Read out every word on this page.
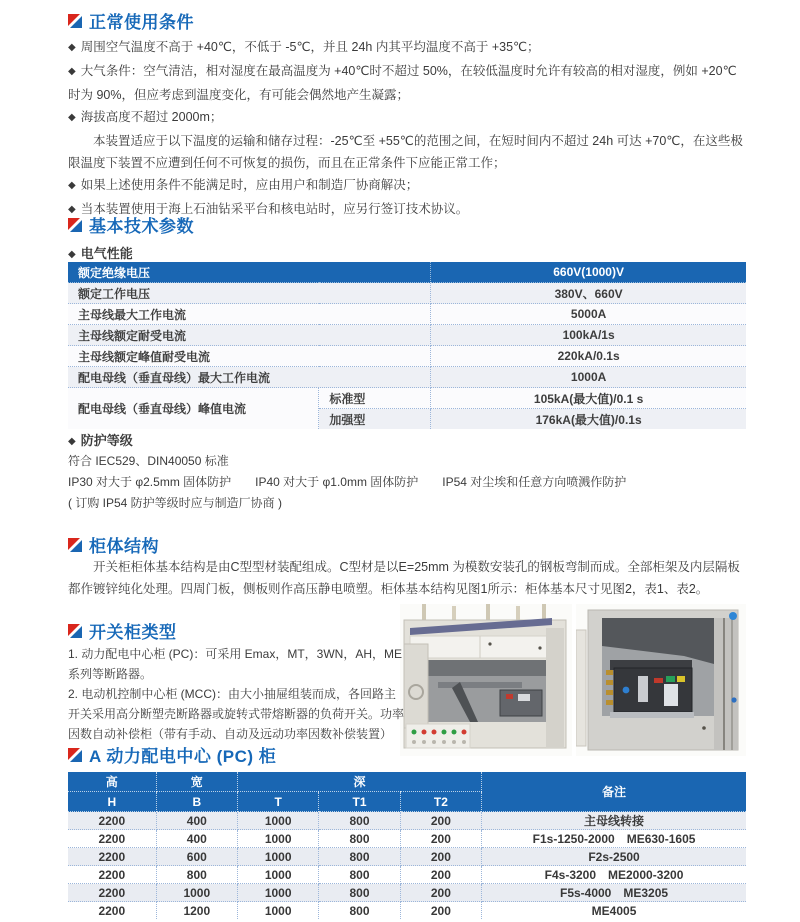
正常使用条件
◆ 周围空气温度不高于 +40℃，不低于 -5℃，并且 24h 内其平均温度不高于 +35℃；
◆ 大气条件：空气清洁，相对湿度在最高温度为 +40℃时不超过 50%，在较低温度时允许有较高的相对湿度，例如 +20℃时为 90%，但应考虑到温度变化，有可能会偶然地产生凝露；
◆ 海拔高度不超过 2000m；
本装置适应于以下温度的运输和储存过程：-25℃至 +55℃的范围之间，在短时间内不超过 24h 可达 +70℃，在这些极限温度下装置不应遭到任何不可恢复的损伤，而且在正常条件下应能正常工作；
◆ 如果上述使用条件不能满足时，应由用户和制造厂协商解决；
◆ 当本装置使用于海上石油钻采平台和核电站时，应另行签订技术协议。
基本技术参数
◆ 电气性能
额定绝缘电压		660V(1000)V
额定工作电压		380V、660V
主母线最大工作电流		5000A
主母线额定耐受电流		100kA/1s
主母线额定峰值耐受电流		220kA/0.1s
配电母线（垂直母线）最大工作电流		1000A
配电母线（垂直母线）峰值电流	标准型	105kA(最大值)/0.1 s
	加强型	176kA(最大值)/0.1s
◆ 防护等级
符合 IEC529、DIN40050 标准
IP30 对大于 φ2.5mm 固体防护　　IP40 对大于 φ1.0mm 固体防护　　IP54 对尘埃和任意方向喷溅作防护
( 订购 IP54 防护等级时应与制造厂协商 )
柜体结构
开关柜柜体基本结构是由C型型材装配组成。C型材是以E=25mm 为模数安装孔的钢板弯制而成。全部柜架及内层隔板都作镀锌纯化处理。四周门板，侧板则作高压静电喷塑。柜体基本结构见图1所示：柜体基本尺寸见图2，表1、表2。
开关柜类型

1. 动力配电中心柜 (PC)：可采用 Emax，MT，3WN，AH，ME 系列等断路器。

2. 电动机控制中心柜 (MCC)：由大小抽屉组装而成，各回路主开关采用高分断塑壳断路器或旋转式带熔断器的负荷开关。功率因数自动补偿柜（带有手动、自动及远动功率因数补偿装置）

A 动力配电中心 (PC) 柜
高	宽	深			备注
H	B	T	T1	T2	
2200	400	1000	800	200	主母线转接
2200	400	1000	800	200	F1s-1250-2000　ME630-1605
2200	600	1000	800	200	F2s-2500
2200	800	1000	800	200	F4s-3200　ME2000-3200
2200	1000	1000	800	200	F5s-4000　ME3205
2200	1200	1000	800	200	ME4005
